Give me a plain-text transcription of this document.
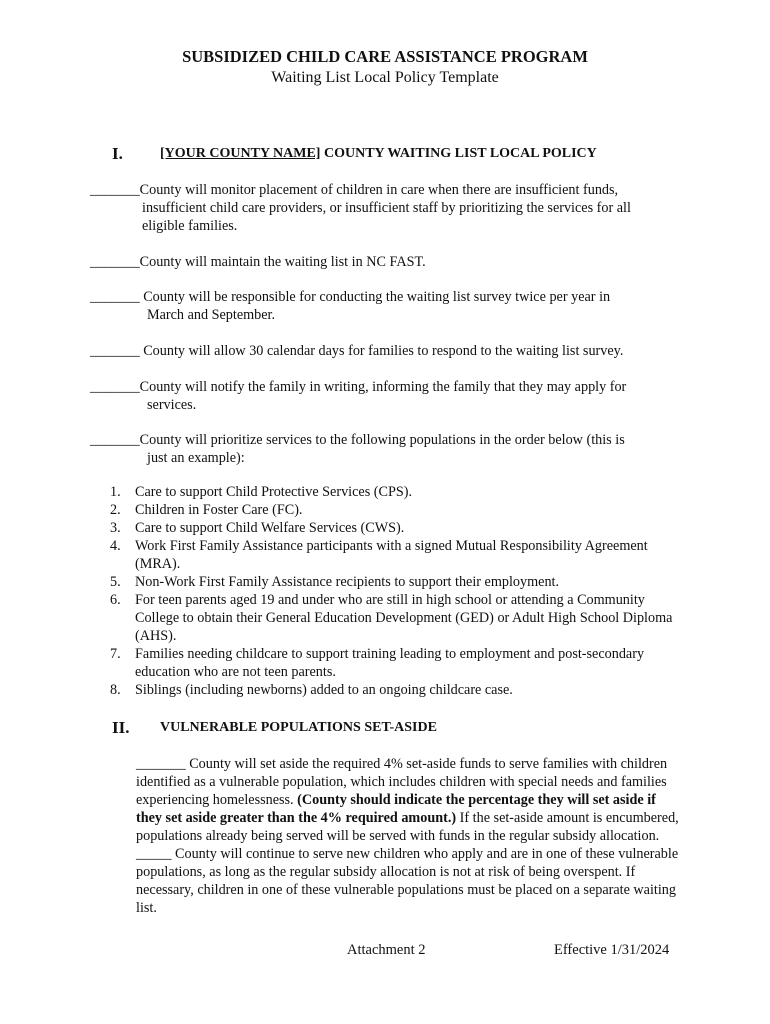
SUBSIDIZED CHILD CARE ASSISTANCE PROGRAM
Waiting List Local Policy Template
I.	[YOUR COUNTY NAME] COUNTY WAITING LIST LOCAL POLICY
_______County will monitor placement of children in care when there are insufficient funds,
insufficient child care providers, or insufficient staff by prioritizing the services for all
eligible families.
_______County will maintain the waiting list in NC FAST.
_______ County will be responsible for conducting the waiting list survey twice per year in
March and September.
_______ County will allow 30 calendar days for families to respond to the waiting list survey.
_______County will notify the family in writing, informing the family that they may apply for
services.
_______County will prioritize services to the following populations in the order below (this is
just an example):
1.	Care to support Child Protective Services (CPS).
2.	Children in Foster Care (FC).
3.	Care to support Child Welfare Services (CWS).
4.	Work First Family Assistance participants with a signed Mutual Responsibility Agreement (MRA).
5.	Non-Work First Family Assistance recipients to support their employment.
6.	For teen parents aged 19 and under who are still in high school or attending a Community College to obtain their General Education Development (GED) or Adult High School Diploma (AHS).
7.	Families needing childcare to support training leading to employment and post-secondary education who are not teen parents.
8.	Siblings (including newborns) added to an ongoing childcare case.
II. VULNERABLE POPULATIONS SET-ASIDE
_______ County will set aside the required 4% set-aside funds to serve families with children identified as a vulnerable population, which includes children with special needs and families experiencing homelessness. (County should indicate the percentage they will set aside if they set aside greater than the 4% required amount.) If the set-aside amount is encumbered, populations already being served will be served with funds in the regular subsidy allocation. _____ County will continue to serve new children who apply and are in one of these vulnerable populations, as long as the regular subsidy allocation is not at risk of being overspent. If necessary, children in one of these vulnerable populations must be placed on a separate waiting list.
Attachment 2	Effective 1/31/2024
